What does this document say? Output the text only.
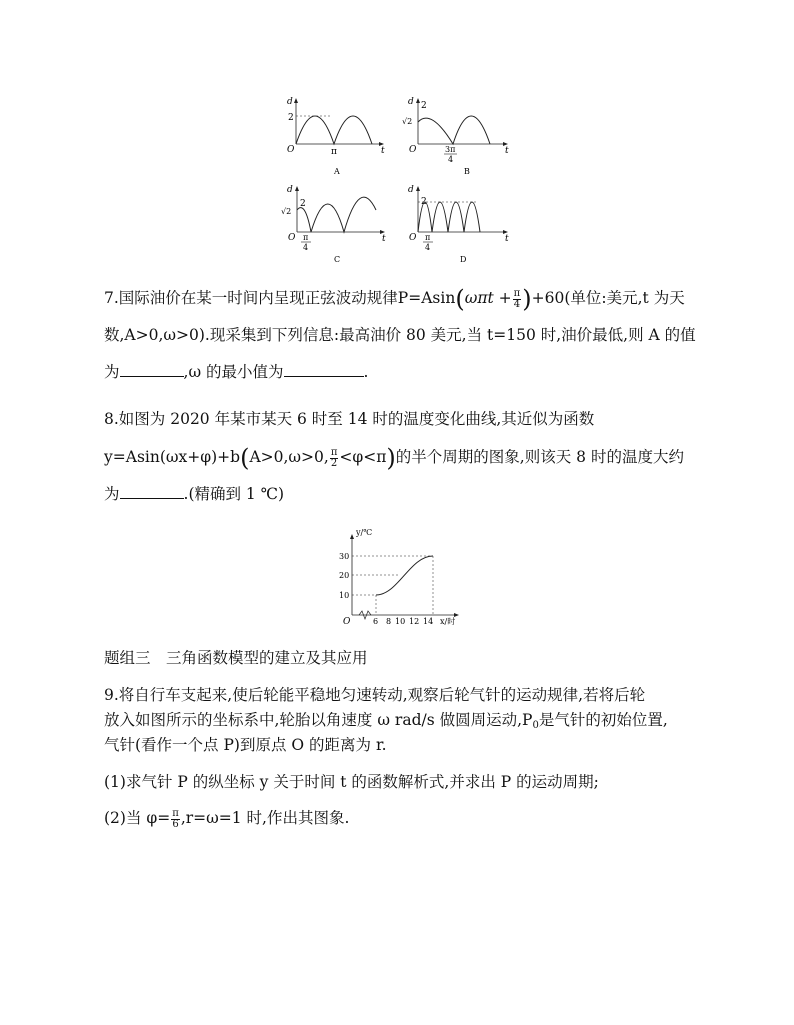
d
2
O	π	t
A
d 2
√2
O	3π
4
t
B
d
2
√2
O π
4
t
C
d
2
O π
4
t
D
7.国际油价在某一时间内呈现正弦波动规律$P=Asin(\omega\pi t + \frac{\pi}{4} )+60$(单位:美元,t 为天
数,A>0,ω>0).现采集到下列信息:最高油价 80 美元,当 t=150 时,油价最低,则 A 的值
为	,ω 的最小值为	.
8.如图为 2020 年某市某天 6 时至 14 时的温度变化曲线,其近似为函数
y=Asin(ωx+φ)+b(A>0,ω>0, $\frac{\pi}{2} <\varphi<\pi$)的半个周期的图象,则该天 8 时的温度大约
为	.(精确到 1 ℃)
y/℃
x/时
O
10
20
30
6 8 10 12 14
题组三　三角函数模型的建立及其应用
9.将自行车支起来,使后轮能平稳地匀速转动,观察后轮气针的运动规律,若将后轮
放入如图所示的坐标系中,轮胎以角速度 ω rad/s 做圆周运动$,P_0$是气针的初始位置,
气针(看作一个点 P)到原点 O 的距离为 r.
(1)求气针 P 的纵坐标 y 关于时间 t 的函数解析式,并求出 P 的运动周期;
(2)当 $\varphi= \frac{\pi}{6} ,r=\omega=1$ 时,作出其图象.
